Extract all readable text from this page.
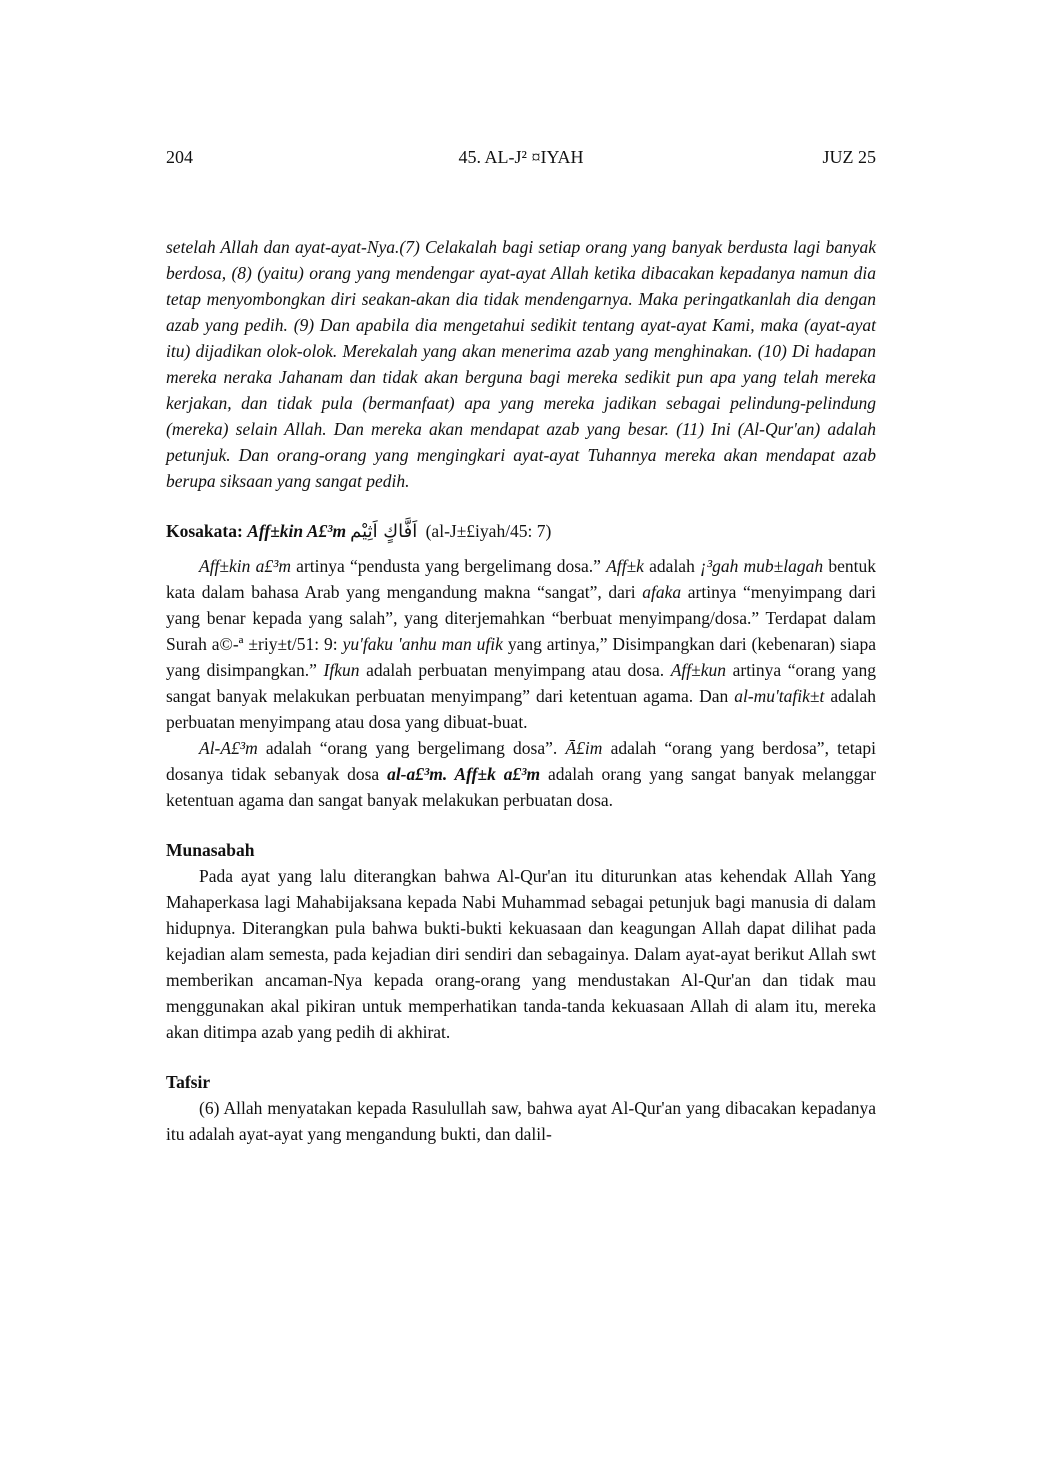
204	45. AL-J² ¤IYAH	JUZ 25

setelah Allah dan ayat-ayat-Nya.(7) Celakalah bagi setiap orang yang banyak berdusta lagi banyak berdosa, (8) (yaitu) orang yang mendengar ayat-ayat Allah ketika dibacakan kepadanya namun dia tetap menyombongkan diri seakan-akan dia tidak mendengarnya. Maka peringatkanlah dia dengan azab yang pedih. (9) Dan apabila dia mengetahui sedikit tentang ayat-ayat Kami, maka (ayat-ayat itu) dijadikan olok-olok. Merekalah yang akan menerima azab yang menghinakan. (10) Di hadapan mereka neraka Jahanam dan tidak akan berguna bagi mereka sedikit pun apa yang telah mereka kerjakan, dan tidak pula (bermanfaat) apa yang mereka jadikan sebagai pelindung-pelindung (mereka) selain Allah. Dan mereka akan mendapat azab yang besar. (11) Ini (Al-Qur'an) adalah petunjuk. Dan orang-orang yang mengingkari ayat-ayat Tuhannya mereka akan mendapat azab berupa siksaan yang sangat pedih.

Kosakata: Aff±kin A£³m اَفَّاكٍ اَثِيْم (al-J±£iyah/45: 7)

Aff±kin a£³m artinya “pendusta yang bergelimang dosa.” Aff±k adalah ¡³gah mub±lagah bentuk kata dalam bahasa Arab yang mengandung makna “sangat”, dari afaka artinya “menyimpang dari yang benar kepada yang salah”, yang diterjemahkan “berbuat menyimpang/dosa.” Terdapat dalam Surah a©-ª ±riy±t/51: 9: yu'faku 'anhu man ufik yang artinya,” Disimpangkan dari (kebenaran) siapa yang disimpangkan.” Ifkun adalah perbuatan menyimpang atau dosa. Aff±kun artinya “orang yang sangat banyak melakukan perbuatan menyimpang” dari ketentuan agama. Dan al-mu'tafik±t adalah perbuatan menyimpang atau dosa yang dibuat-buat.

Al-A£³m adalah “orang yang bergelimang dosa”. Ā£im adalah “orang yang berdosa”, tetapi dosanya tidak sebanyak dosa al-a£³m. Aff±k a£³m adalah orang yang sangat banyak melanggar ketentuan agama dan sangat banyak melakukan perbuatan dosa.

Munasabah

Pada ayat yang lalu diterangkan bahwa Al-Qur'an itu diturunkan atas kehendak Allah Yang Mahaperkasa lagi Mahabijaksana kepada Nabi Muhammad sebagai petunjuk bagi manusia di dalam hidupnya. Diterangkan pula bahwa bukti-bukti kekuasaan dan keagungan Allah dapat dilihat pada kejadian alam semesta, pada kejadian diri sendiri dan sebagainya. Dalam ayat-ayat berikut Allah swt memberikan ancaman-Nya kepada orang-orang yang mendustakan Al-Qur'an dan tidak mau menggunakan akal pikiran untuk memperhatikan tanda-tanda kekuasaan Allah di alam itu, mereka akan ditimpa azab yang pedih di akhirat.

Tafsir

(6) Allah menyatakan kepada Rasulullah saw, bahwa ayat Al-Qur'an yang dibacakan kepadanya itu adalah ayat-ayat yang mengandung bukti, dan dalil-
